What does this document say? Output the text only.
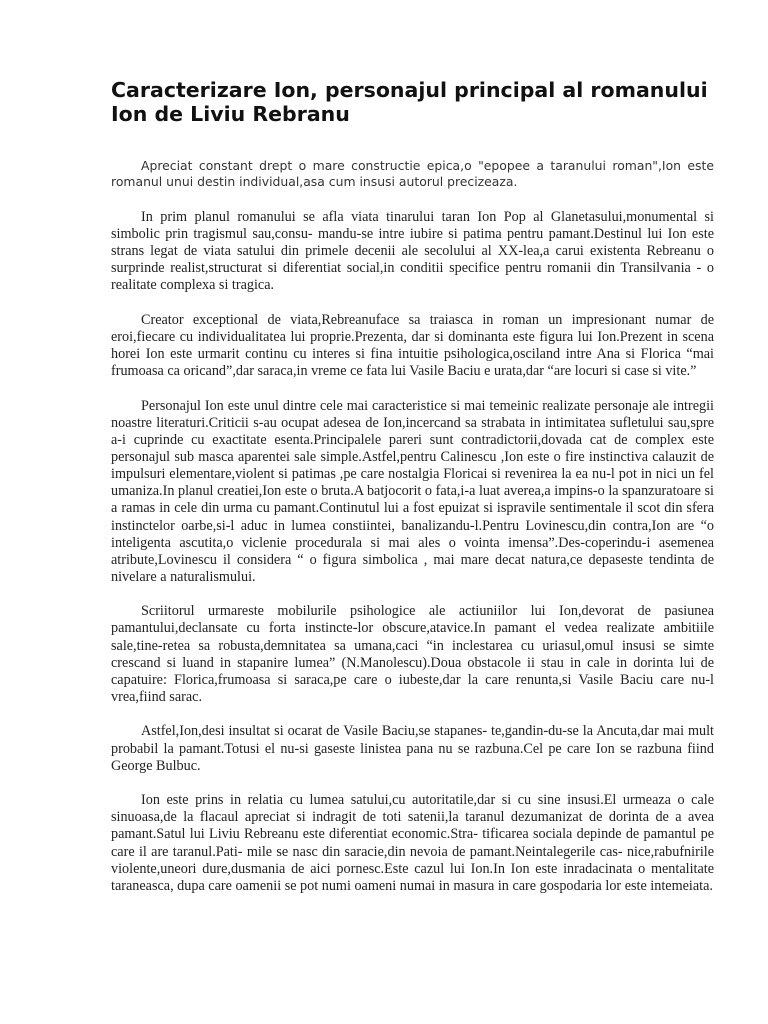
Caracterizare Ion, personajul principal al romanului Ion de Liviu Rebranu

Apreciat constant drept o mare constructie epica,o "epopee a taranului roman",Ion este romanul unui destin individual,asa cum insusi autorul precizeaza.

In prim planul romanului se afla viata tinarului taran Ion Pop al Glanetasului,monumental si simbolic prin tragismul sau,consu- mandu-se intre iubire si patima pentru pamant.Destinul lui Ion este strans legat de viata satului din primele decenii ale secolului al XX-lea,a carui existenta Rebreanu o surprinde realist,structurat si diferentiat social,in conditii specifice pentru romanii din Transilvania - o realitate complexa si tragica.

Creator exceptional de viata,Rebreanuface sa traiasca in roman un impresionant numar de eroi,fiecare cu individualitatea lui proprie.Prezenta, dar si dominanta este figura lui Ion.Prezent in scena horei Ion este urmarit continu cu interes si fina intuitie psihologica,osciland intre Ana si Florica “mai frumoasa ca oricand”,dar saraca,in vreme ce fata lui Vasile Baciu e urata,dar “are locuri si case si vite.”

Personajul Ion este unul dintre cele mai caracteristice si mai temeinic realizate personaje ale intregii noastre literaturi.Criticii s-au ocupat adesea de Ion,incercand sa strabata in intimitatea sufletului sau,spre a-i cuprinde cu exactitate esenta.Principalele pareri sunt contradictorii,dovada cat de complex este personajul sub masca aparentei sale simple.Astfel,pentru Calinescu ,Ion este o fire instinctiva calauzit de impulsuri elementare,violent si patimas ,pe care nostalgia Floricai si revenirea la ea nu-l pot in nici un fel umaniza.In planul creatiei,Ion este o bruta.A batjocorit o fata,i-a luat averea,a impins-o la spanzuratoare si a ramas in cele din urma cu pamant.Continutul lui a fost epuizat si ispravile sentimentale il scot din sfera instinctelor oarbe,si-l aduc in lumea constiintei, banalizandu-l.Pentru Lovinescu,din contra,Ion are “o inteligenta ascutita,o viclenie procedurala si mai ales o vointa imensa”.Des-coperindu-i asemenea atribute,Lovinescu il considera “ o figura simbolica , mai mare decat natura,ce depaseste tendinta de nivelare a naturalismului.

Scriitorul urmareste mobilurile psihologice ale actiuniilor lui Ion,devorat de pasiunea pamantului,declansate cu forta instincte-lor obscure,atavice.In pamant el vedea realizate ambitiile sale,tine-retea sa robusta,demnitatea sa umana,caci “in inclestarea cu uriasul,omul insusi se simte crescand si luand in stapanire lumea” (N.Manolescu).Doua obstacole ii stau in cale in dorinta lui de capatuire: Florica,frumoasa si saraca,pe care o iubeste,dar la care renunta,si Vasile Baciu care nu-l vrea,fiind sarac.

Astfel,Ion,desi insultat si ocarat de Vasile Baciu,se stapanes- te,gandin-du-se la Ancuta,dar mai mult probabil la pamant.Totusi el nu-si gaseste linistea pana nu se razbuna.Cel pe care Ion se razbuna fiind George Bulbuc.

Ion este prins in relatia cu lumea satului,cu autoritatile,dar si cu sine insusi.El urmeaza o cale sinuoasa,de la flacaul apreciat si indragit de toti satenii,la taranul dezumanizat de dorinta de a avea pamant.Satul lui Liviu Rebreanu este diferentiat economic.Stra- tificarea sociala depinde de pamantul pe care il are taranul.Pati- mile se nasc din saracie,din nevoia de pamant.Neintalegerile cas- nice,rabufnirile violente,uneori dure,dusmania de aici pornesc.Este cazul lui Ion.In Ion este inradacinata o mentalitate taraneasca, dupa care oamenii se pot numi oameni numai in masura in care gospodaria lor este intemeiata.
